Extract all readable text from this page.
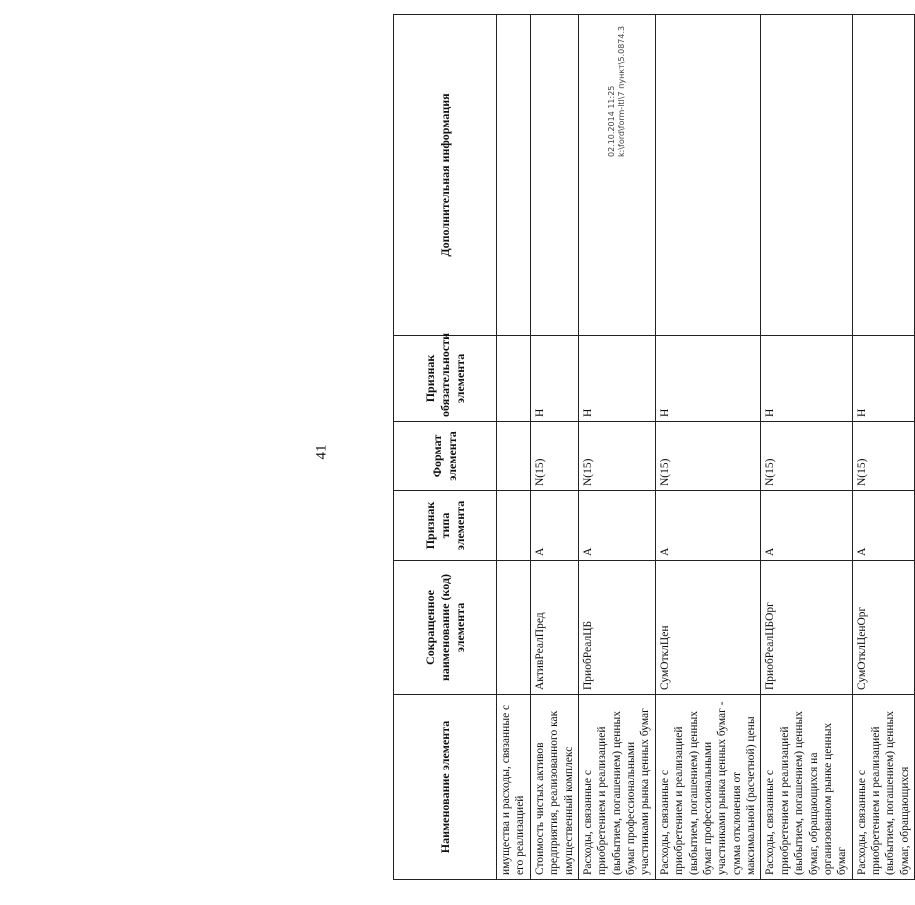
41
Наименование элемента	Сокращенное наименование (код) элемента	Признак типа элемента	Формат элемента	Признак обязательности элемента	Дополнительная информация
имущества и расходы, связанные с его реализацией					
Стоимость чистых активов предприятия, реализованного как имущественный комплекс	АктивРеалПред	А	N(15)	Н	
Расходы, связанные с приобретением и реализацией (выбытием, погашением) ценных бумаг профессиональными участниками рынка ценных бумаг	ПриобРеалЦБ	А	N(15)	Н	
Расходы, связанные с приобретением и реализацией (выбытием, погашением) ценных бумаг профессиональными участниками рынка ценных бумаг - сумма отклонения от максимальной (расчетной) цены	СумОтклЦен	А	N(15)	Н	
Расходы, связанные с приобретением и реализацией (выбытием, погашением) ценных бумаг, обращающихся на организованном рынке ценных бумаг	ПриобРеалЦБОрг	А	N(15)	Н	
Расходы, связанные с приобретением и реализацией (выбытием, погашением) ценных бумаг, обращающихся	СумОтклЦенОрг	А	N(15)	Н	
02.10.2014 11:25 k:\ford\form-ltl\7 пункт\5.0874.3
